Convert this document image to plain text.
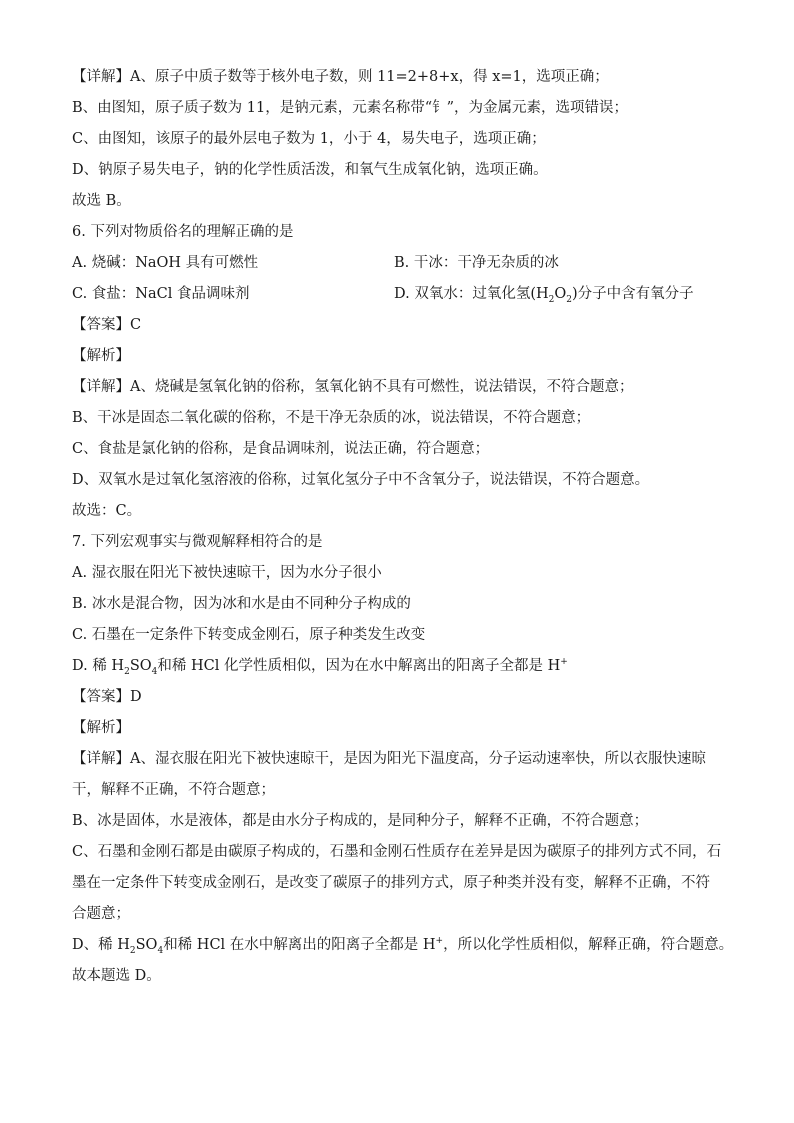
【详解】A、原子中质子数等于核外电子数，则 11=2+8+x，得 x=1，选项正确；
B、由图知，原子质子数为 11，是钠元素，元素名称带“钅”，为金属元素，选项错误；
C、由图知，该原子的最外层电子数为 1，小于 4，易失电子，选项正确；
D、钠原子易失电子，钠的化学性质活泼，和氧气生成氧化钠，选项正确。
故选 B。
6. 下列对物质俗名的理解正确的是
A. 烧碱：NaOH 具有可燃性	B. 干冰：干净无杂质的冰
C. 食盐：NaCl 食品调味剂	D. 双氧水：过氧化氢$(H_2O_2)$分子中含有氧分子
【答案】C
【解析】
【详解】A、烧碱是氢氧化钠的俗称，氢氧化钠不具有可燃性，说法错误，不符合题意；
B、干冰是固态二氧化碳的俗称，不是干净无杂质的冰，说法错误，不符合题意；
C、食盐是氯化钠的俗称，是食品调味剂，说法正确，符合题意；
D、双氧水是过氧化氢溶液的俗称，过氧化氢分子中不含氧分子，说法错误，不符合题意。
故选：C。
7. 下列宏观事实与微观解释相符合的是
A. 湿衣服在阳光下被快速晾干，因为水分子很小
B. 冰水是混合物，因为冰和水是由不同种分子构成的
C. 石墨在一定条件下转变成金刚石，原子种类发生改变
D. 稀 $H_2SO_4$和稀 HCl 化学性质相似，因为在水中解离出的阳离子全都是 H+
【答案】D
【解析】
【详解】A、湿衣服在阳光下被快速晾干，是因为阳光下温度高，分子运动速率快，所以衣服快速晾干，解释不正确，不符合题意；
B、冰是固体，水是液体，都是由水分子构成的，是同种分子，解释不正确，不符合题意；
C、石墨和金刚石都是由碳原子构成的，石墨和金刚石性质存在差异是因为碳原子的排列方式不同，石墨在一定条件下转变成金刚石，是改变了碳原子的排列方式，原子种类并没有变，解释不正确，不符合题意；
D、稀 $H_2SO_4$和稀 HCl 在水中解离出的阳离子全都是 H+，所以化学性质相似，解释正确，符合题意。
故本题选 D。
